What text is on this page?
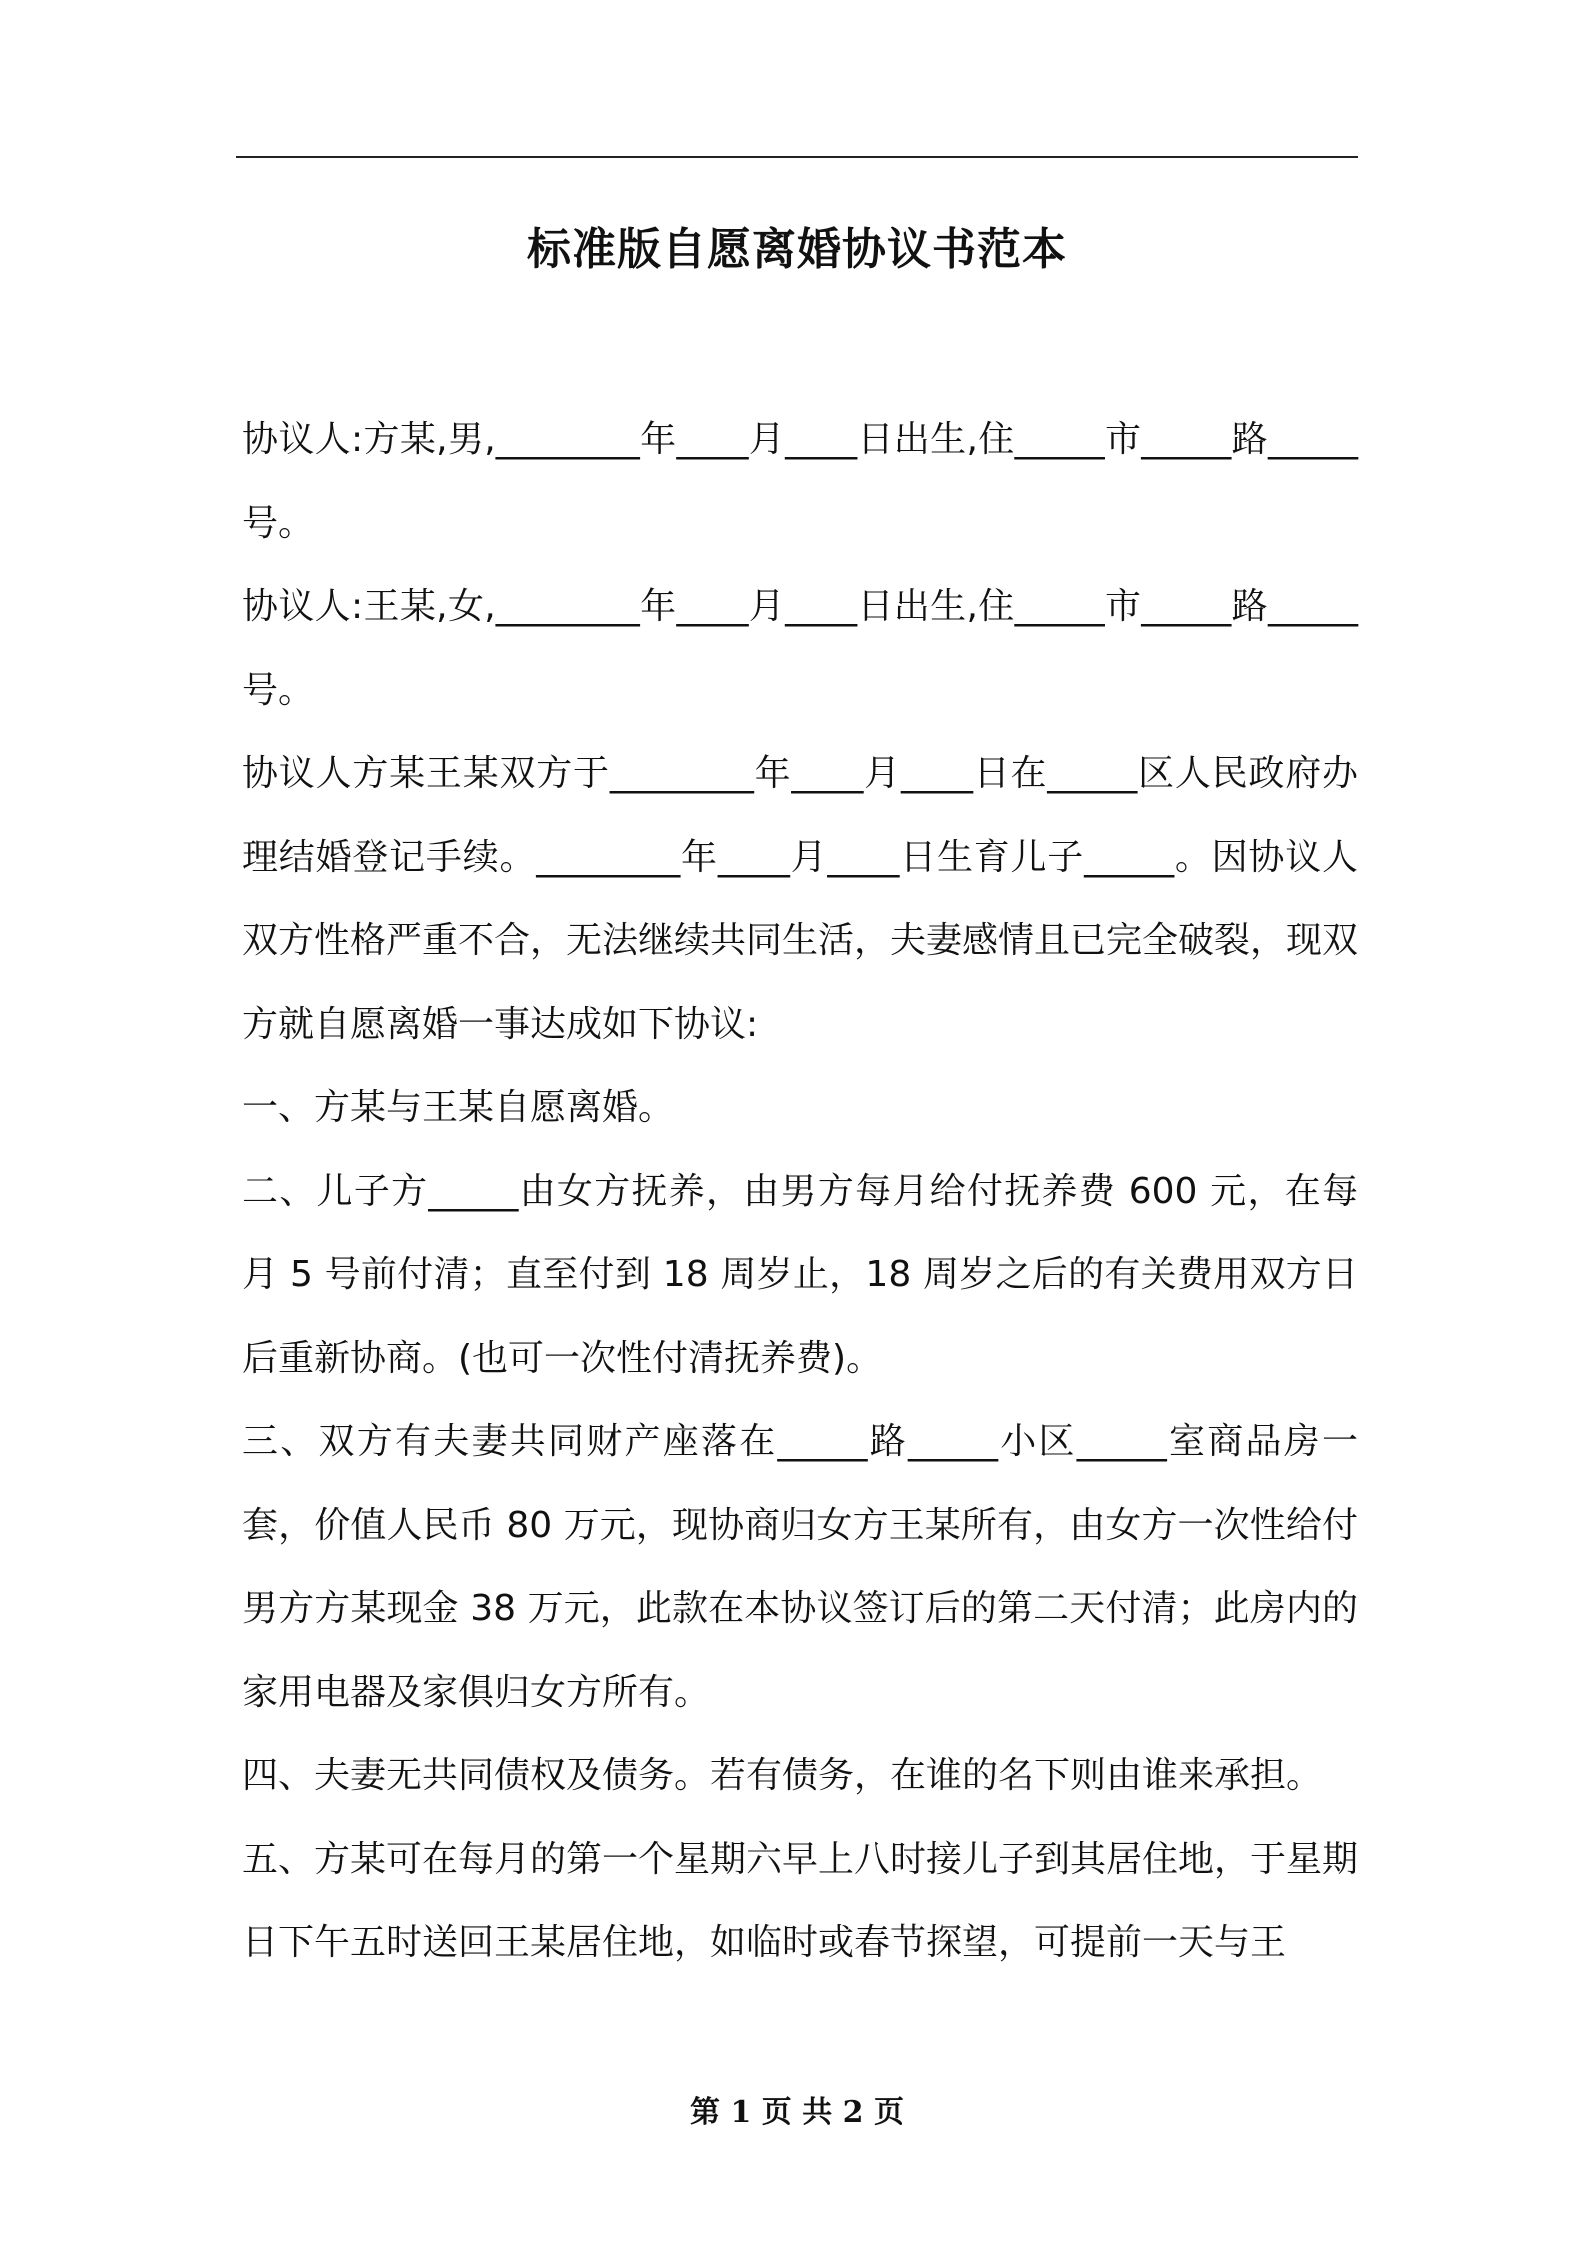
标准版自愿离婚协议书范本

协议人:方某,男,________年____月____日出生,住_____市_____路_____号。

协议人:王某,女,________年____月____日出生,住_____市_____路_____号。

协议人方某王某双方于________年____月____日在_____区人民政府办理结婚登记手续。________年____月____日生育儿子_____。因协议人双方性格严重不合，无法继续共同生活，夫妻感情且已完全破裂，现双方就自愿离婚一事达成如下协议:

一、方某与王某自愿离婚。

二、儿子方_____由女方抚养，由男方每月给付抚养费 600 元，在每月 5 号前付清；直至付到 18 周岁止，18 周岁之后的有关费用双方日后重新协商。(也可一次性付清抚养费)。

三、双方有夫妻共同财产座落在_____路_____小区_____室商品房一套，价值人民币 80 万元，现协商归女方王某所有，由女方一次性给付男方方某现金 38 万元，此款在本协议签订后的第二天付清；此房内的家用电器及家俱归女方所有。

四、夫妻无共同债权及债务。若有债务，在谁的名下则由谁来承担。

五、方某可在每月的第一个星期六早上八时接儿子到其居住地，于星期日下午五时送回王某居住地，如临时或春节探望，可提前一天与王

第 1 页 共 2 页
